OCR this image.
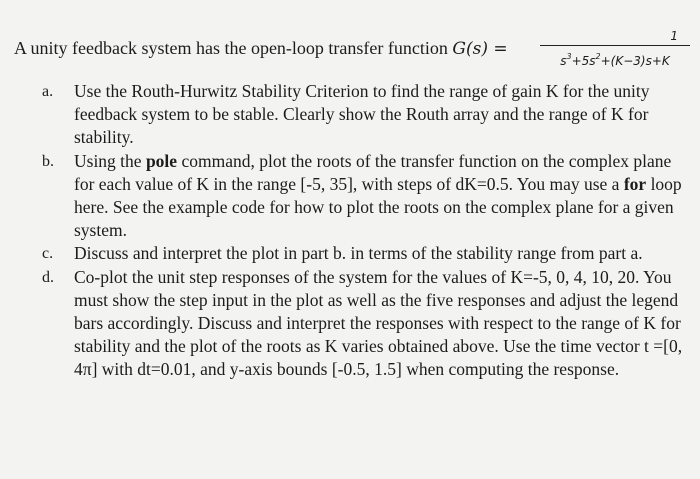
A unity feedback system has the open-loop transfer function G(s) =
1
$s^3+5s^2+(K-3)s+K$
a.	Use the Routh-Hurwitz Stability Criterion to find the range of gain K for the unity feedback system to be stable. Clearly show the Routh array and the range of K for stability.
b.	Using the pole command, plot the roots of the transfer function on the complex plane for each value of K in the range [-5, 35], with steps of dK=0.5. You may use a for loop here. See the example code for how to plot the roots on the complex plane for a given system.
c.	Discuss and interpret the plot in part b. in terms of the stability range from part a.
d.	Co-plot the unit step responses of the system for the values of K=-5, 0, 4, 10, 20. You must show the step input in the plot as well as the five responses and adjust the legend bars accordingly. Discuss and interpret the responses with respect to the range of K for stability and the plot of the roots as K varies obtained above. Use the time vector t =[0, 4π] with dt=0.01, and y-axis bounds [-0.5, 1.5] when computing the response.
